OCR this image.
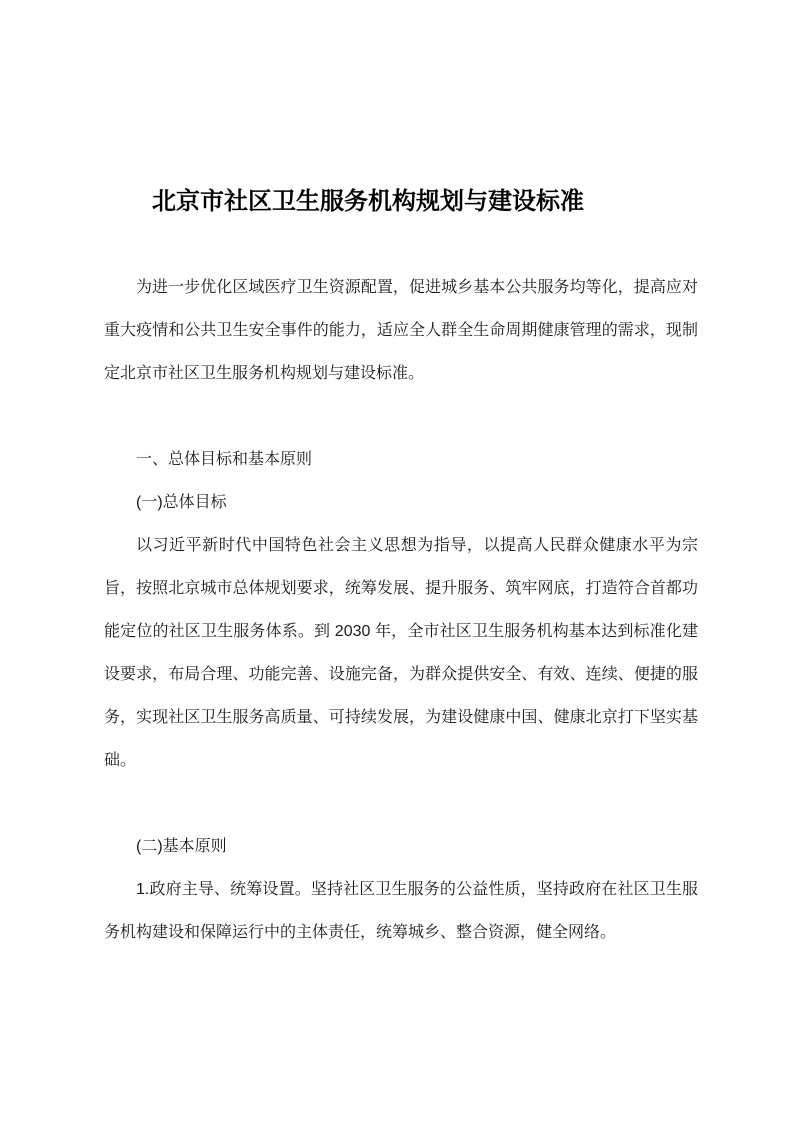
北京市社区卫生服务机构规划与建设标准

为进一步优化区域医疗卫生资源配置，促进城乡基本公共服务均等化，提高应对重大疫情和公共卫生安全事件的能力，适应全人群全生命周期健康管理的需求，现制定北京市社区卫生服务机构规划与建设标准。

一、总体目标和基本原则

(一)总体目标

以习近平新时代中国特色社会主义思想为指导，以提高人民群众健康水平为宗旨，按照北京城市总体规划要求，统筹发展、提升服务、筑牢网底，打造符合首都功能定位的社区卫生服务体系。到 2030 年，全市社区卫生服务机构基本达到标准化建设要求，布局合理、功能完善、设施完备，为群众提供安全、有效、连续、便捷的服务，实现社区卫生服务高质量、可持续发展，为建设健康中国、健康北京打下坚实基础。

(二)基本原则

1.政府主导、统筹设置。坚持社区卫生服务的公益性质，坚持政府在社区卫生服务机构建设和保障运行中的主体责任，统筹城乡、整合资源，健全网络。
